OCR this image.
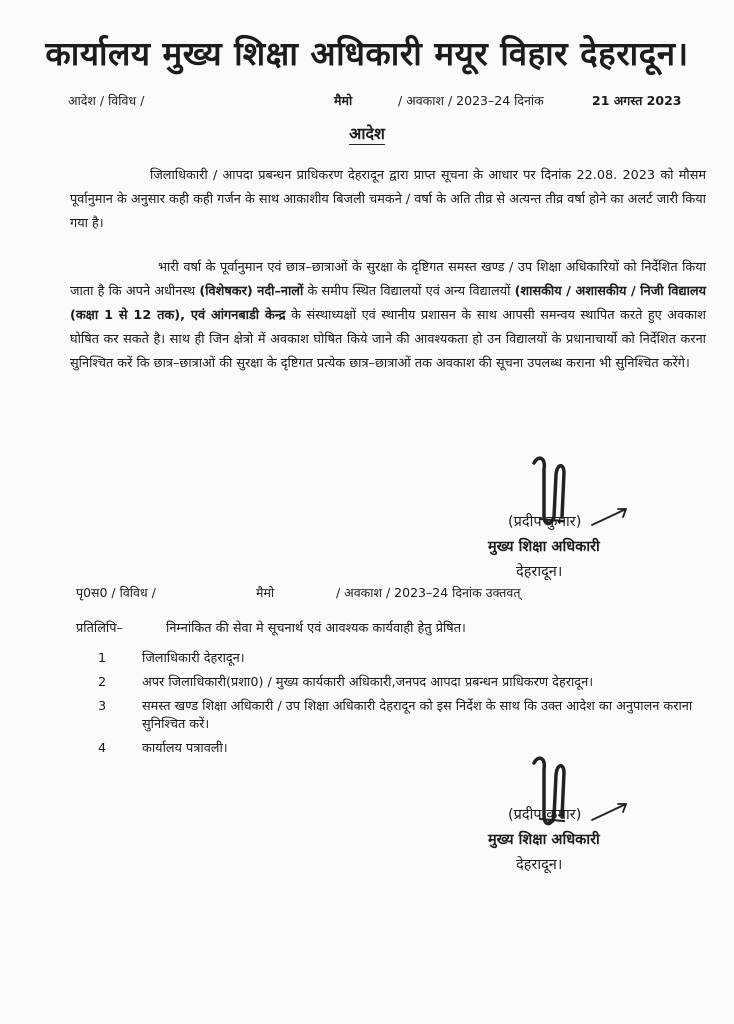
कार्यालय मुख्य शिक्षा अधिकारी मयूर विहार देहरादून।
आदेश / विविध /	मैमो	/ अवकाश / 2023–24 दिनांक	21 अगस्त 2023
आदेश
जिलाधिकारी / आपदा प्रबन्धन प्राधिकरण देहरादून द्वारा प्राप्त सूचना के आधार पर दिनांक 22.08. 2023 को मौसम पूर्वानुमान के अनुसार कही कही गर्जन के साथ आकाशीय बिजली चमकने / वर्षा के अति तीव्र से अत्यन्त तीव्र वर्षा होने का अलर्ट जारी किया गया है।
भारी वर्षा के पूर्वानुमान एवं छात्र–छात्राओं के सुरक्षा के दृष्टिगत समस्त खण्ड / उप शिक्षा अधिकारियों को निर्देशित किया जाता है कि अपने अधीनस्थ (विशेषकर) नदी–नालों के समीप स्थित विद्यालयों एवं अन्य विद्यालयों (शासकीय / अशासकीय / निजी विद्यालय (कक्षा 1 से 12 तक), एवं आंगनबाडी केन्द्र के संस्थाध्यक्षों एवं स्थानीय प्रशासन के साथ आपसी समन्वय स्थापित करते हुए अवकाश घोषित कर सकते है। साथ ही जिन क्षेत्रो में अवकाश घोषित किये जाने की आवश्यकता हो उन विद्यालयों के प्रधानाचार्यो को निर्देशित करना सुनिश्चित करें कि छात्र–छात्राओं की सुरक्षा के दृष्टिगत प्रत्येक छात्र–छात्राओं तक अवकाश की सूचना उपलब्ध कराना भी सुनिश्चित करेंगे।
(प्रदीप कुमार)
मुख्य शिक्षा अधिकारी
देहरादून।
पृ0स0 / विविध /	मैमो	/ अवकाश / 2023–24 दिनांक उक्तवत्
प्रतिलिपि–	निम्नांकित की सेवा मे सूचनार्थ एवं आवश्यक कार्यवाही हेतु प्रेषित।
1	जिलाधिकारी देहरादून।
2	अपर जिलाधिकारी(प्रशा0) / मुख्य कार्यकारी अधिकारी,जनपद आपदा प्रबन्धन प्राधिकरण देहरादून।
3	समस्त खण्ड शिक्षा अधिकारी / उप शिक्षा अधिकारी देहरादून को इस निर्देश के साथ कि उक्त आदेश का अनुपालन कराना सुनिश्चित करें।
4	कार्यालय पत्रावली।
(प्रदीप कुमार)
मुख्य शिक्षा अधिकारी
देहरादून।
